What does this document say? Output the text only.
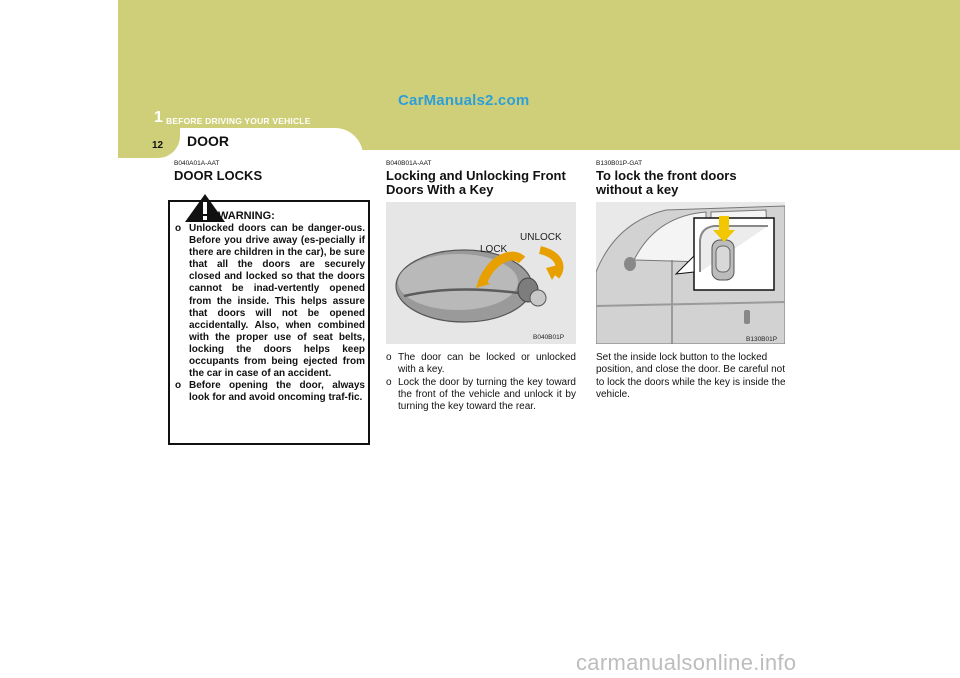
CarManuals2.com
1 BEFORE DRIVING YOUR VEHICLE
12 DOOR
B040A01A-AAT
DOOR LOCKS
WARNING:
o Unlocked doors can be danger-ous. Before you drive away (es-pecially if there are children in the car), be sure that all the doors are securely closed and locked so that the doors cannot be inad-vertently opened from the inside. This helps assure that doors will not be opened accidentally. Also, when combined with the proper use of seat belts, locking the doors helps keep occupants from being ejected from the car in case of an accident.
o Before opening the door, always look for and avoid oncoming traf-fic.
B040B01A-AAT
Locking and Unlocking Front Doors With a Key
UNLOCK
LOCK
B040B01P
o The door can be locked or unlocked with a key.
o Lock the door by turning the key toward the front of the vehicle and unlock it by turning the key toward the rear.
B130B01P-GAT
To lock the front doors without a key
B130B01P
Set the inside lock button to the locked position, and close the door. Be careful not to lock the doors while the key is inside the vehicle.
carmanualsonline.info
